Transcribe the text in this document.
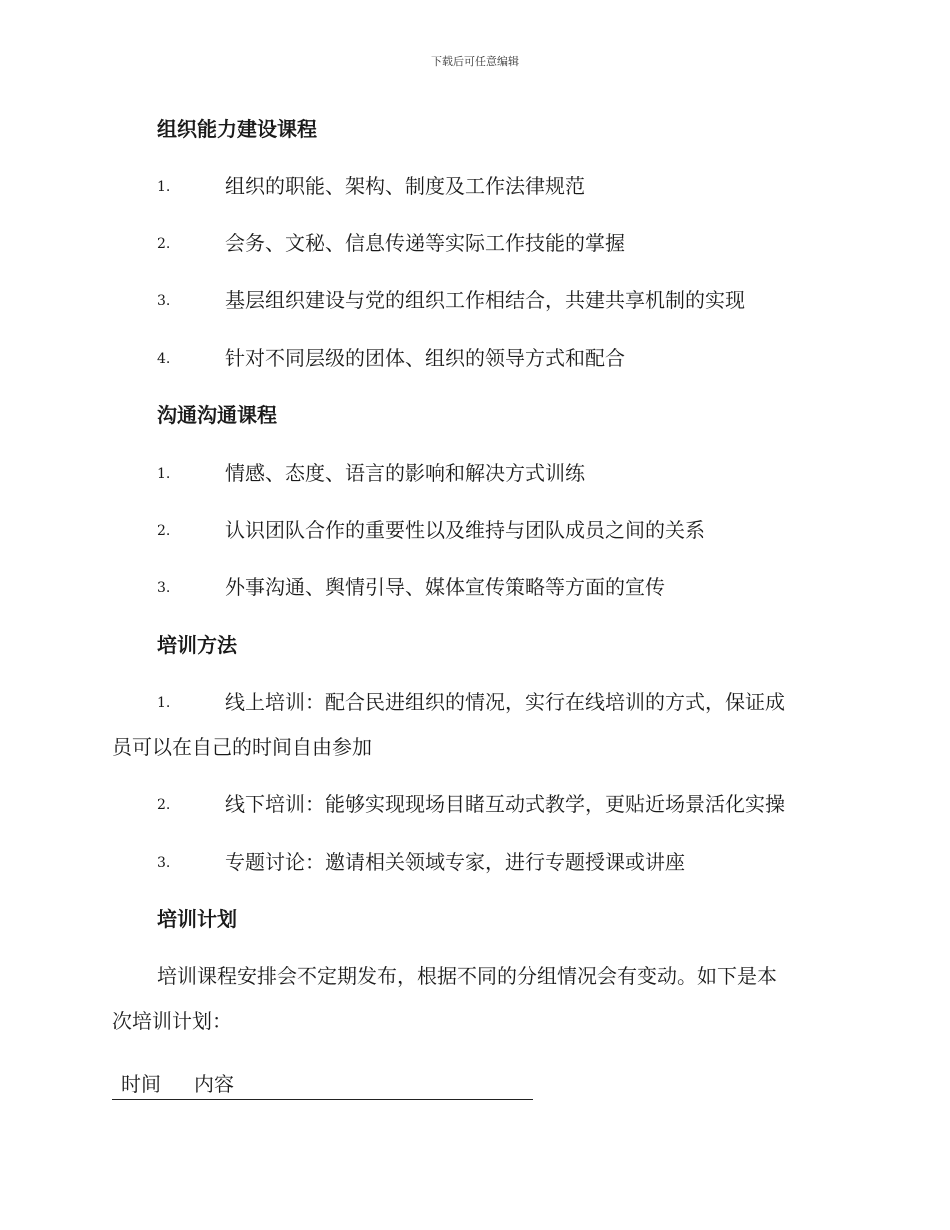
下载后可任意编辑
组织能力建设课程
1.	组织的职能、架构、制度及工作法律规范
2.	会务、文秘、信息传递等实际工作技能的掌握
3.	基层组织建设与党的组织工作相结合，共建共享机制的实现
4.	针对不同层级的团体、组织的领导方式和配合
沟通沟通课程
1.	情感、态度、语言的影响和解决方式训练
2.	认识团队合作的重要性以及维持与团队成员之间的关系
3.	外事沟通、舆情引导、媒体宣传策略等方面的宣传
培训方法
1.	线上培训：配合民进组织的情况，实行在线培训的方式，保证成
员可以在自己的时间自由参加
2.	线下培训：能够实现现场目睹互动式教学，更贴近场景活化实操
3.	专题讨论：邀请相关领域专家，进行专题授课或讲座
培训计划
培训课程安排会不定期发布，根据不同的分组情况会有变动。如下是本
次培训计划：
时间 内容
